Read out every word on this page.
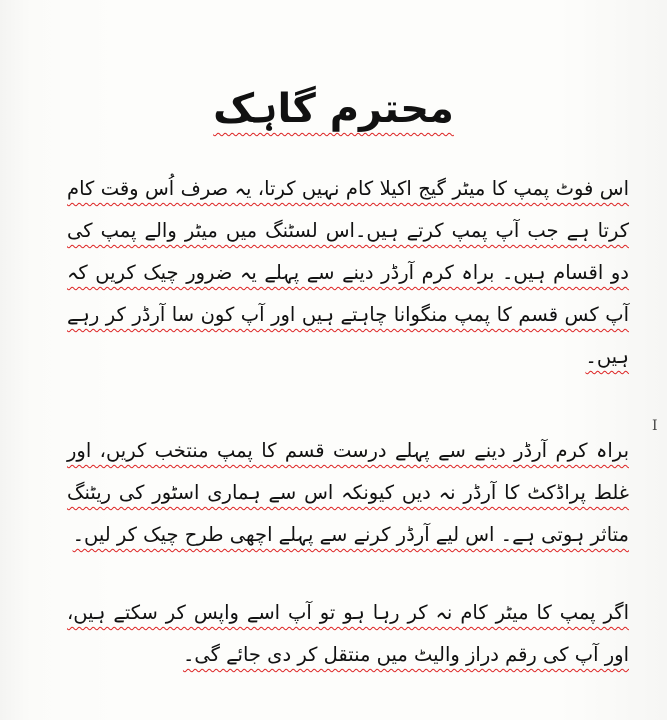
محترم گاہک
اس فوٹ پمپ کا میٹر گیج اکیلا کام نہیں کرتا، یہ صرف اُس وقت کام کرتا ہے جب آپ پمپ کرتے ہیں۔اس لسٹنگ میں میٹر والے پمپ کی دو اقسام ہیں۔ براہ کرم آرڈر دینے سے پہلے یہ ضرور چیک کریں کہ آپ کس قسم کا پمپ منگوانا چاہتے ہیں اور آپ کون سا آرڈر کر رہے ہیں۔
براہ کرم آرڈر دینے سے پہلے درست قسم کا پمپ منتخب کریں، اور غلط پراڈکٹ کا آرڈر نہ دیں کیونکہ اس سے ہماری اسٹور کی ریٹنگ متاثر ہوتی ہے۔ اس لیے آرڈر کرنے سے پہلے اچھی طرح چیک کر لیں۔
اگر پمپ کا میٹر کام نہ کر رہا ہو تو آپ اسے واپس کر سکتے ہیں، اور آپ کی رقم دراز والیٹ میں منتقل کر دی جائے گی۔
I
